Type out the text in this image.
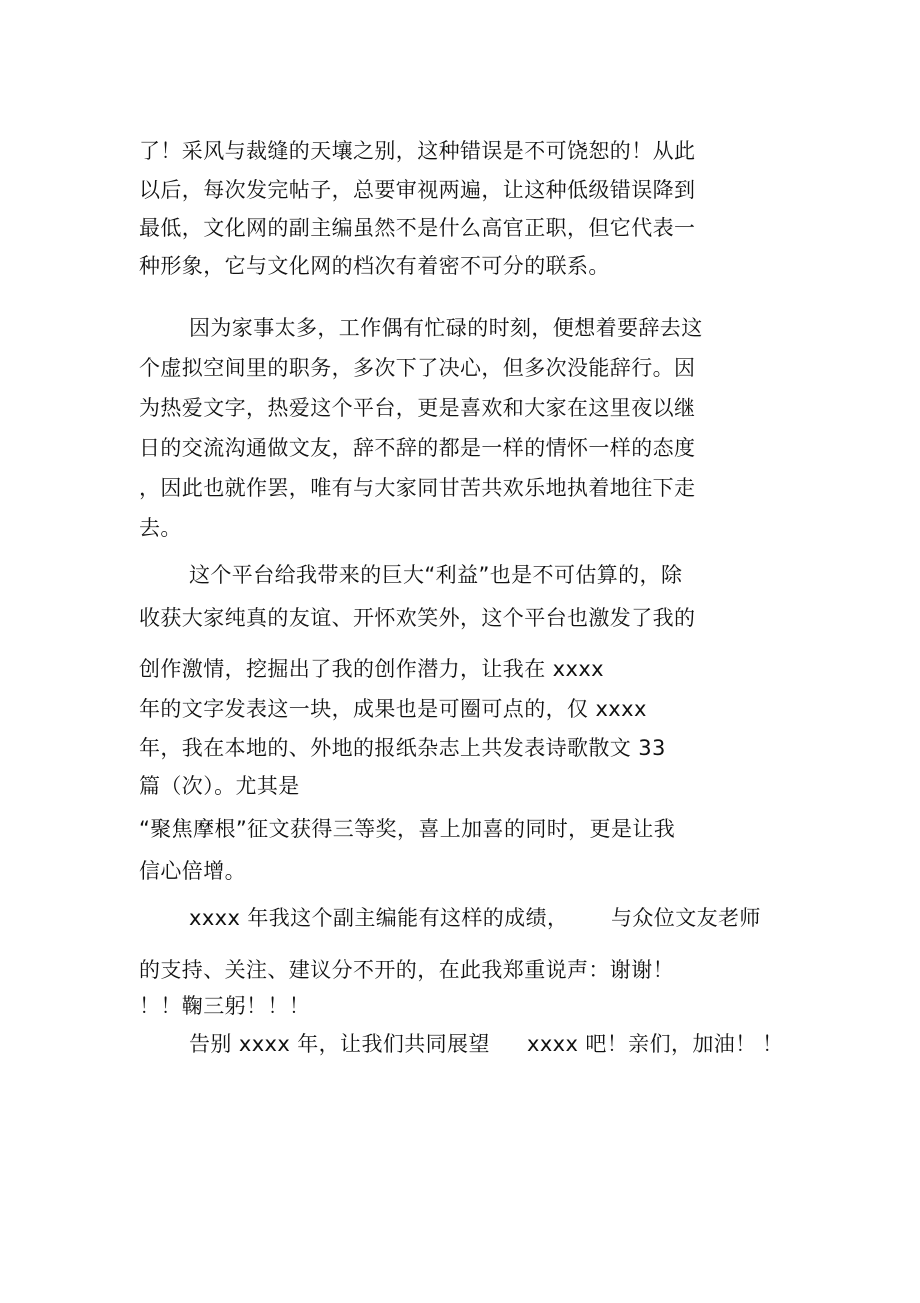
了！采风与裁缝的天壤之别，这种错误是不可饶恕的！从此

以后，每次发完帖子，总要审视两遍，让这种低级错误降到

最低，文化网的副主编虽然不是什么高官正职，但它代表一

种形象，它与文化网的档次有着密不可分的联系。

因为家事太多，工作偶有忙碌的时刻，便想着要辞去这

个虚拟空间里的职务，多次下了决心，但多次没能辞行。因

为热爱文字，热爱这个平台，更是喜欢和大家在这里夜以继

日的交流沟通做文友，辞不辞的都是一样的情怀一样的态度

，因此也就作罢，唯有与大家同甘苦共欢乐地执着地往下走

去。

这个平台给我带来的巨大“利益”也是不可估算的，除

收获大家纯真的友谊、开怀欢笑外，这个平台也激发了我的

创作激情，挖掘出了我的创作潜力，让我在 xxxx

年的文字发表这一块，成果也是可圈可点的，仅 xxxx

年，我在本地的、外地的报纸杂志上共发表诗歌散文 33

篇（次）。尤其是

“聚焦摩根”征文获得三等奖，喜上加喜的同时，更是让我

信心倍增。

xxxx 年我这个副主编能有这样的成绩， 与众位文友老师

的支持、关注、建议分不开的，在此我郑重说声：谢谢！

！！鞠三躬！！！

告别 xxxx 年，让我们共同展望 xxxx 吧！亲们，加油！ ！
